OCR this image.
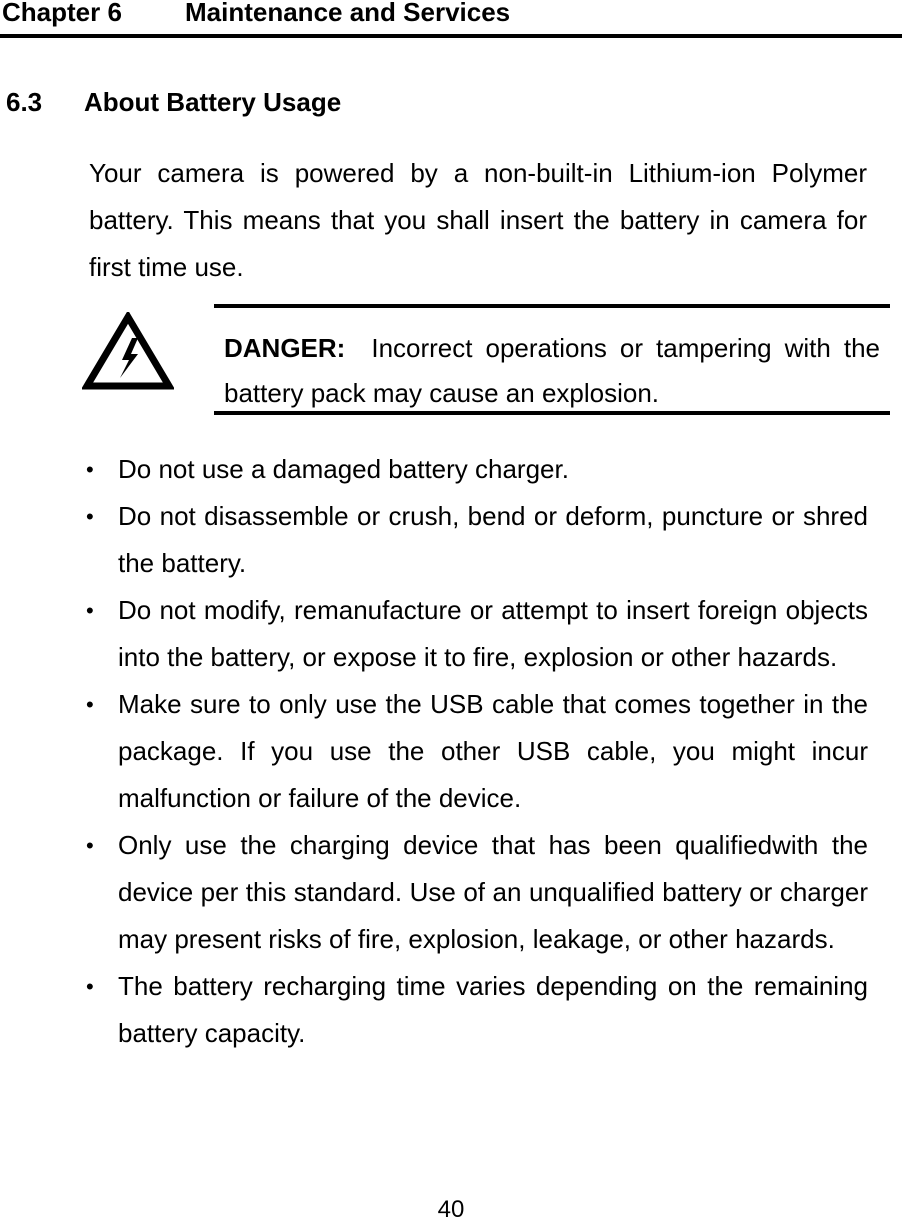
Chapter 6 Maintenance and Services
6.3 About Battery Usage
Your camera is powered by a non-built-in Lithium-ion Polymer battery. This means that you shall insert the battery in camera for first time use.
DANGER: Incorrect operations or tampering with the battery pack may cause an explosion.
• Do not use a damaged battery charger.
• Do not disassemble or crush, bend or deform, puncture or shred the battery.
• Do not modify, remanufacture or attempt to insert foreign objects into the battery, or expose it to fire, explosion or other hazards.
• Make sure to only use the USB cable that comes together in the package. If you use the other USB cable, you might incur malfunction or failure of the device.
• Only use the charging device that has been qualifiedwith the device per this standard. Use of an unqualified battery or charger may present risks of fire, explosion, leakage, or other hazards.
• The battery recharging time varies depending on the remaining battery capacity.
40
